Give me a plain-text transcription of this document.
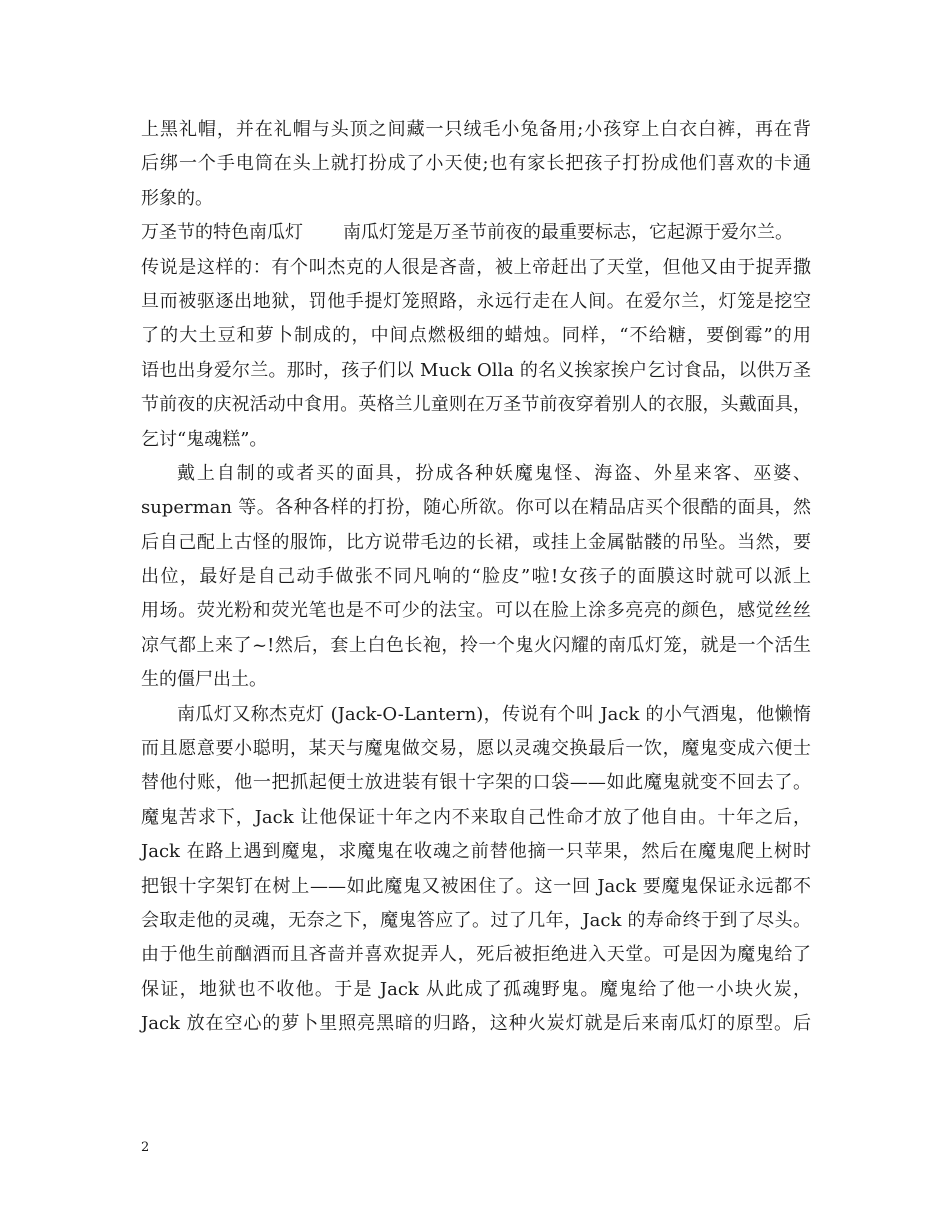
上黑礼帽，并在礼帽与头顶之间藏一只绒毛小兔备用;小孩穿上白衣白裤，再在背
后绑一个手电筒在头上就打扮成了小天使;也有家长把孩子打扮成他们喜欢的卡通
形象的。
万圣节的特色南瓜灯 南瓜灯笼是万圣节前夜的最重要标志，它起源于爱尔兰。
传说是这样的：有个叫杰克的人很是吝啬，被上帝赶出了天堂，但他又由于捉弄撒
旦而被驱逐出地狱，罚他手提灯笼照路，永远行走在人间。在爱尔兰，灯笼是挖空
了的大土豆和萝卜制成的，中间点燃极细的蜡烛。同样，“不给糖，要倒霉”的用
语也出身爱尔兰。那时，孩子们以 Muck Olla 的名义挨家挨户乞讨食品，以供万圣
节前夜的庆祝活动中食用。英格兰儿童则在万圣节前夜穿着别人的衣服，头戴面具，
乞讨“鬼魂糕”。
戴上自制的或者买的面具，扮成各种妖魔鬼怪、海盗、外星来客、巫婆、
superman 等。各种各样的打扮，随心所欲。你可以在精品店买个很酷的面具，然
后自己配上古怪的服饰，比方说带毛边的长裙，或挂上金属骷髅的吊坠。当然，要
出位，最好是自己动手做张不同凡响的“脸皮”啦!女孩子的面膜这时就可以派上
用场。荧光粉和荧光笔也是不可少的法宝。可以在脸上涂多亮亮的颜色，感觉丝丝
凉气都上来了~!然后，套上白色长袍，拎一个鬼火闪耀的南瓜灯笼，就是一个活生
生的僵尸出土。
南瓜灯又称杰克灯 (Jack-O-Lantern)，传说有个叫 Jack 的小气酒鬼，他懒惰
而且愿意要小聪明，某天与魔鬼做交易，愿以灵魂交换最后一饮，魔鬼变成六便士
替他付账，他一把抓起便士放进装有银十字架的口袋——如此魔鬼就变不回去了。
魔鬼苦求下，Jack 让他保证十年之内不来取自己性命才放了他自由。十年之后，
Jack 在路上遇到魔鬼，求魔鬼在收魂之前替他摘一只苹果，然后在魔鬼爬上树时
把银十字架钉在树上——如此魔鬼又被困住了。这一回 Jack 要魔鬼保证永远都不
会取走他的灵魂，无奈之下，魔鬼答应了。过了几年，Jack 的寿命终于到了尽头。
由于他生前酗酒而且吝啬并喜欢捉弄人，死后被拒绝进入天堂。可是因为魔鬼给了
保证，地狱也不收他。于是 Jack 从此成了孤魂野鬼。魔鬼给了他一小块火炭，
Jack 放在空心的萝卜里照亮黑暗的归路，这种火炭灯就是后来南瓜灯的原型。后
2
